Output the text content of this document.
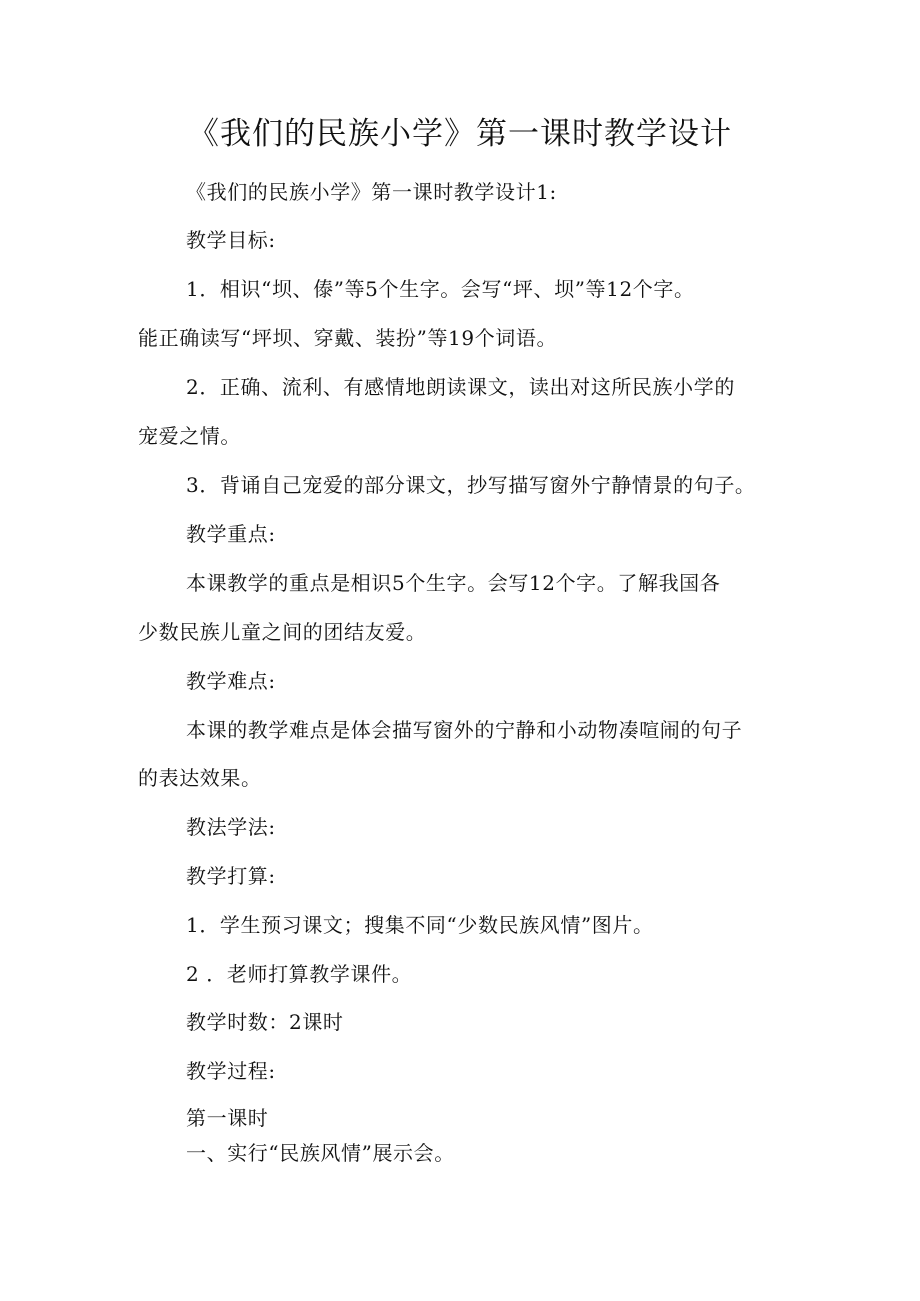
《我们的民族小学》第一课时教学设计
《我们的民族小学》第一课时教学设计1:
教学目标:
1．相识“坝、傣”等5个生字。会写“坪、坝”等12个字。
能正确读写“坪坝、穿戴、装扮”等19个词语。
2．正确、流利、有感情地朗读课文，读出对这所民族小学的
宠爱之情。
3．背诵自己宠爱的部分课文，抄写描写窗外宁静情景的句子。
教学重点:
本课教学的重点是相识5个生字。会写12个字。了解我国各
少数民族儿童之间的团结友爱。
教学难点:
本课的教学难点是体会描写窗外的宁静和小动物凑喧闹的句子
的表达效果。
教法学法:
教学打算:
1．学生预习课文；搜集不同“少数民族风情”图片。
2 ．老师打算教学课件。
教学时数：2课时
教学过程:
第一课时
一、实行“民族风情”展示会。
